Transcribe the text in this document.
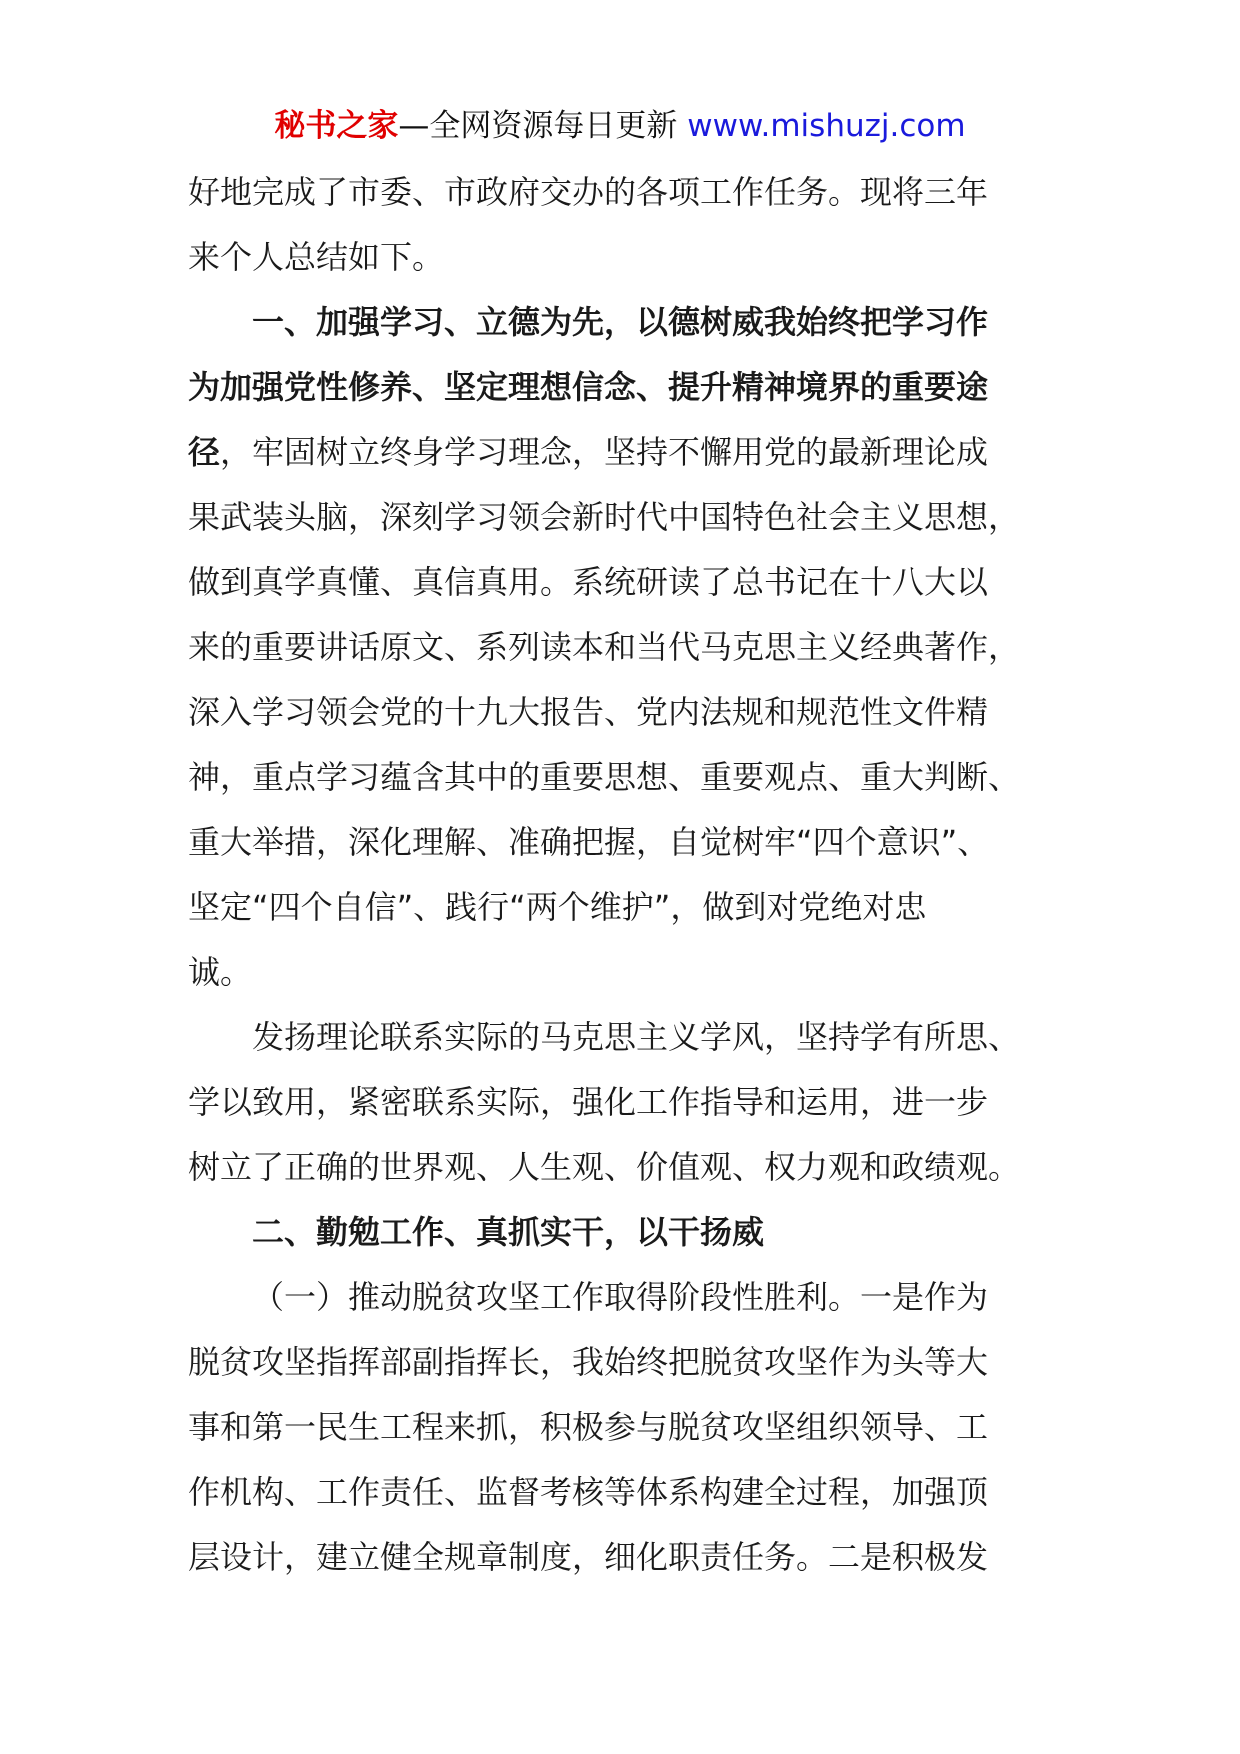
秘书之家—全网资源每日更新 www.mishuzj.com
好地完成了市委、市政府交办的各项工作任务。现将三年
来个人总结如下。
一、加强学习、立德为先，以德树威我始终把学习作
为加强党性修养、坚定理想信念、提升精神境界的重要途
径，牢固树立终身学习理念，坚持不懈用党的最新理论成
果武装头脑，深刻学习领会新时代中国特色社会主义思想，
做到真学真懂、真信真用。系统研读了总书记在十八大以
来的重要讲话原文、系列读本和当代马克思主义经典著作，
深入学习领会党的十九大报告、党内法规和规范性文件精
神，重点学习蕴含其中的重要思想、重要观点、重大判断、
重大举措，深化理解、准确把握，自觉树牢“四个意识”、
坚定“四个自信”、践行“两个维护”，做到对党绝对忠
诚。
发扬理论联系实际的马克思主义学风，坚持学有所思、
学以致用，紧密联系实际，强化工作指导和运用，进一步
树立了正确的世界观、人生观、价值观、权力观和政绩观。
二、勤勉工作、真抓实干，以干扬威
（一）推动脱贫攻坚工作取得阶段性胜利。一是作为
脱贫攻坚指挥部副指挥长，我始终把脱贫攻坚作为头等大
事和第一民生工程来抓，积极参与脱贫攻坚组织领导、工
作机构、工作责任、监督考核等体系构建全过程，加强顶
层设计，建立健全规章制度，细化职责任务。二是积极发
